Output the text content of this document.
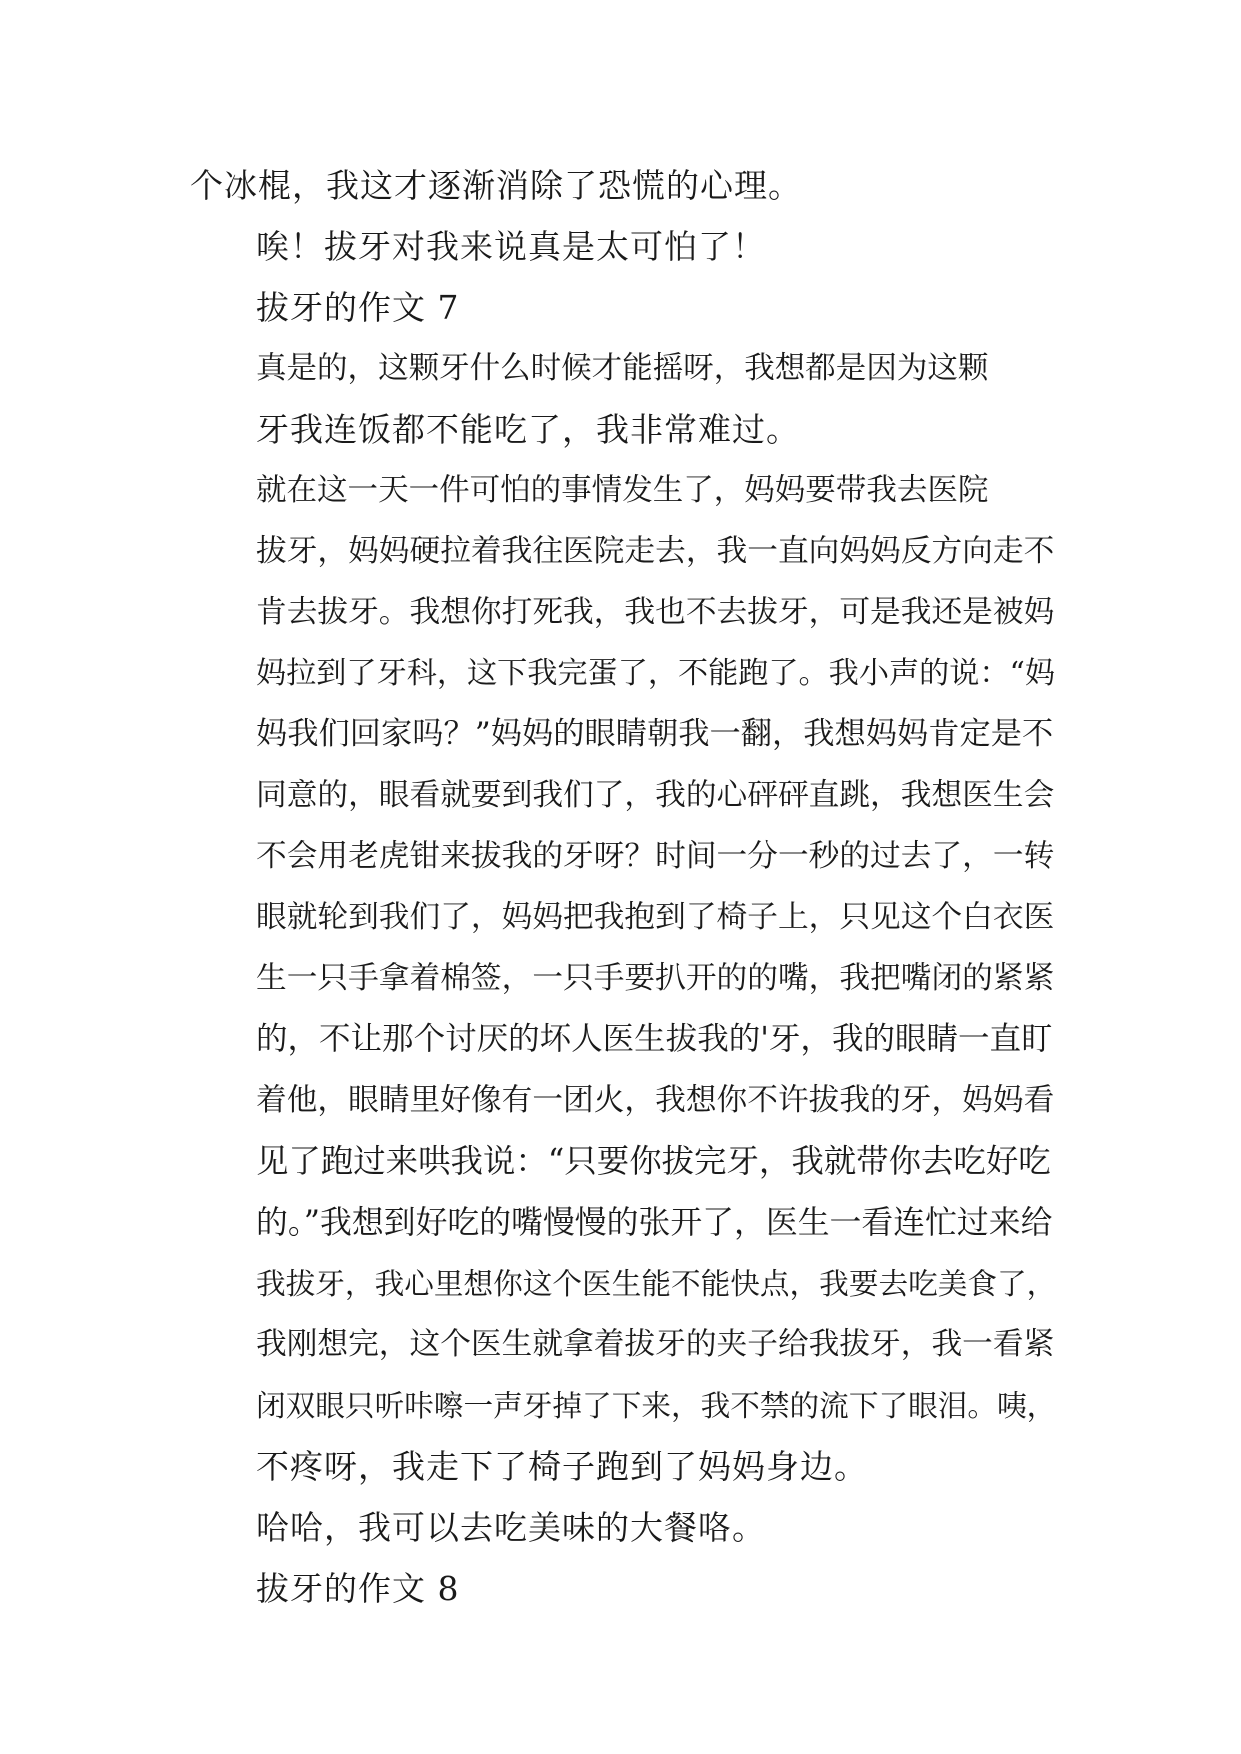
个冰棍，我这才逐渐消除了恐慌的心理。

唉！拔牙对我来说真是太可怕了！

拔牙的作文 7

真是的，这颗牙什么时候才能摇呀，我想都是因为这颗
牙我连饭都不能吃了，我非常难过。

就在这一天一件可怕的事情发生了，妈妈要带我去医院
拔牙，妈妈硬拉着我往医院走去，我一直向妈妈反方向走不
肯去拔牙。我想你打死我，我也不去拔牙，可是我还是被妈
妈拉到了牙科，这下我完蛋了，不能跑了。我小声的说：“妈
妈我们回家吗？”妈妈的眼睛朝我一翻，我想妈妈肯定是不
同意的，眼看就要到我们了，我的心砰砰直跳，我想医生会
不会用老虎钳来拔我的牙呀？时间一分一秒的过去了，一转
眼就轮到我们了，妈妈把我抱到了椅子上，只见这个白衣医
生一只手拿着棉签，一只手要扒开的的嘴，我把嘴闭的紧紧
的，不让那个讨厌的坏人医生拔我的'牙，我的眼睛一直盯
着他，眼睛里好像有一团火，我想你不许拔我的牙，妈妈看
见了跑过来哄我说：“只要你拔完牙，我就带你去吃好吃
的。”我想到好吃的嘴慢慢的张开了，医生一看连忙过来给
我拔牙，我心里想你这个医生能不能快点，我要去吃美食了，
我刚想完，这个医生就拿着拔牙的夹子给我拔牙，我一看紧
闭双眼只听咔嚓一声牙掉了下来，我不禁的流下了眼泪。咦，
不疼呀，我走下了椅子跑到了妈妈身边。

哈哈，我可以去吃美味的大餐咯。

拔牙的作文 8
